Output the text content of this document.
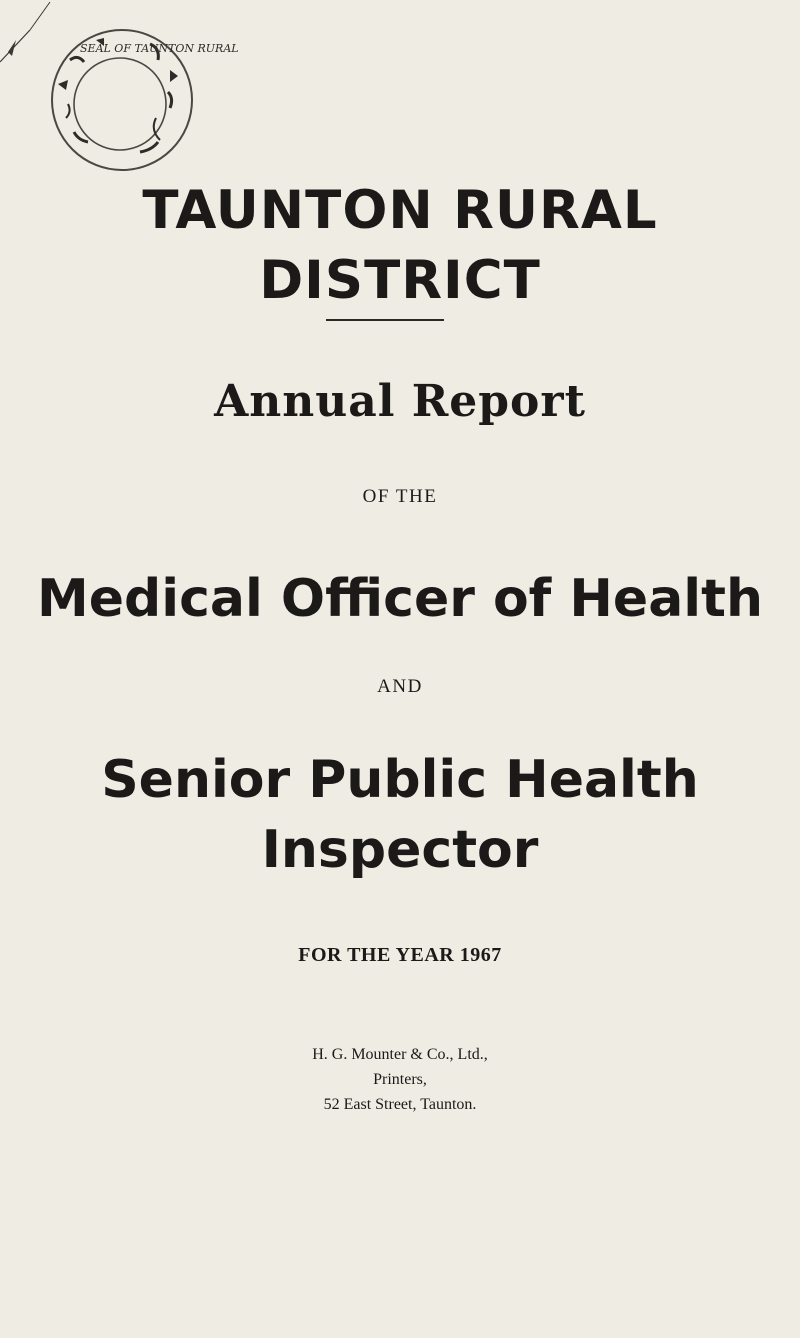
SEAL OF TAUNTON RURAL
TAUNTON RURAL DISTRICT
Annual Report
OF THE
Medical Officer of Health
AND
Senior Public Health
Inspector
FOR THE YEAR 1967
H. G. Mounter & Co., Ltd.,
Printers,
52 East Street, Taunton.
